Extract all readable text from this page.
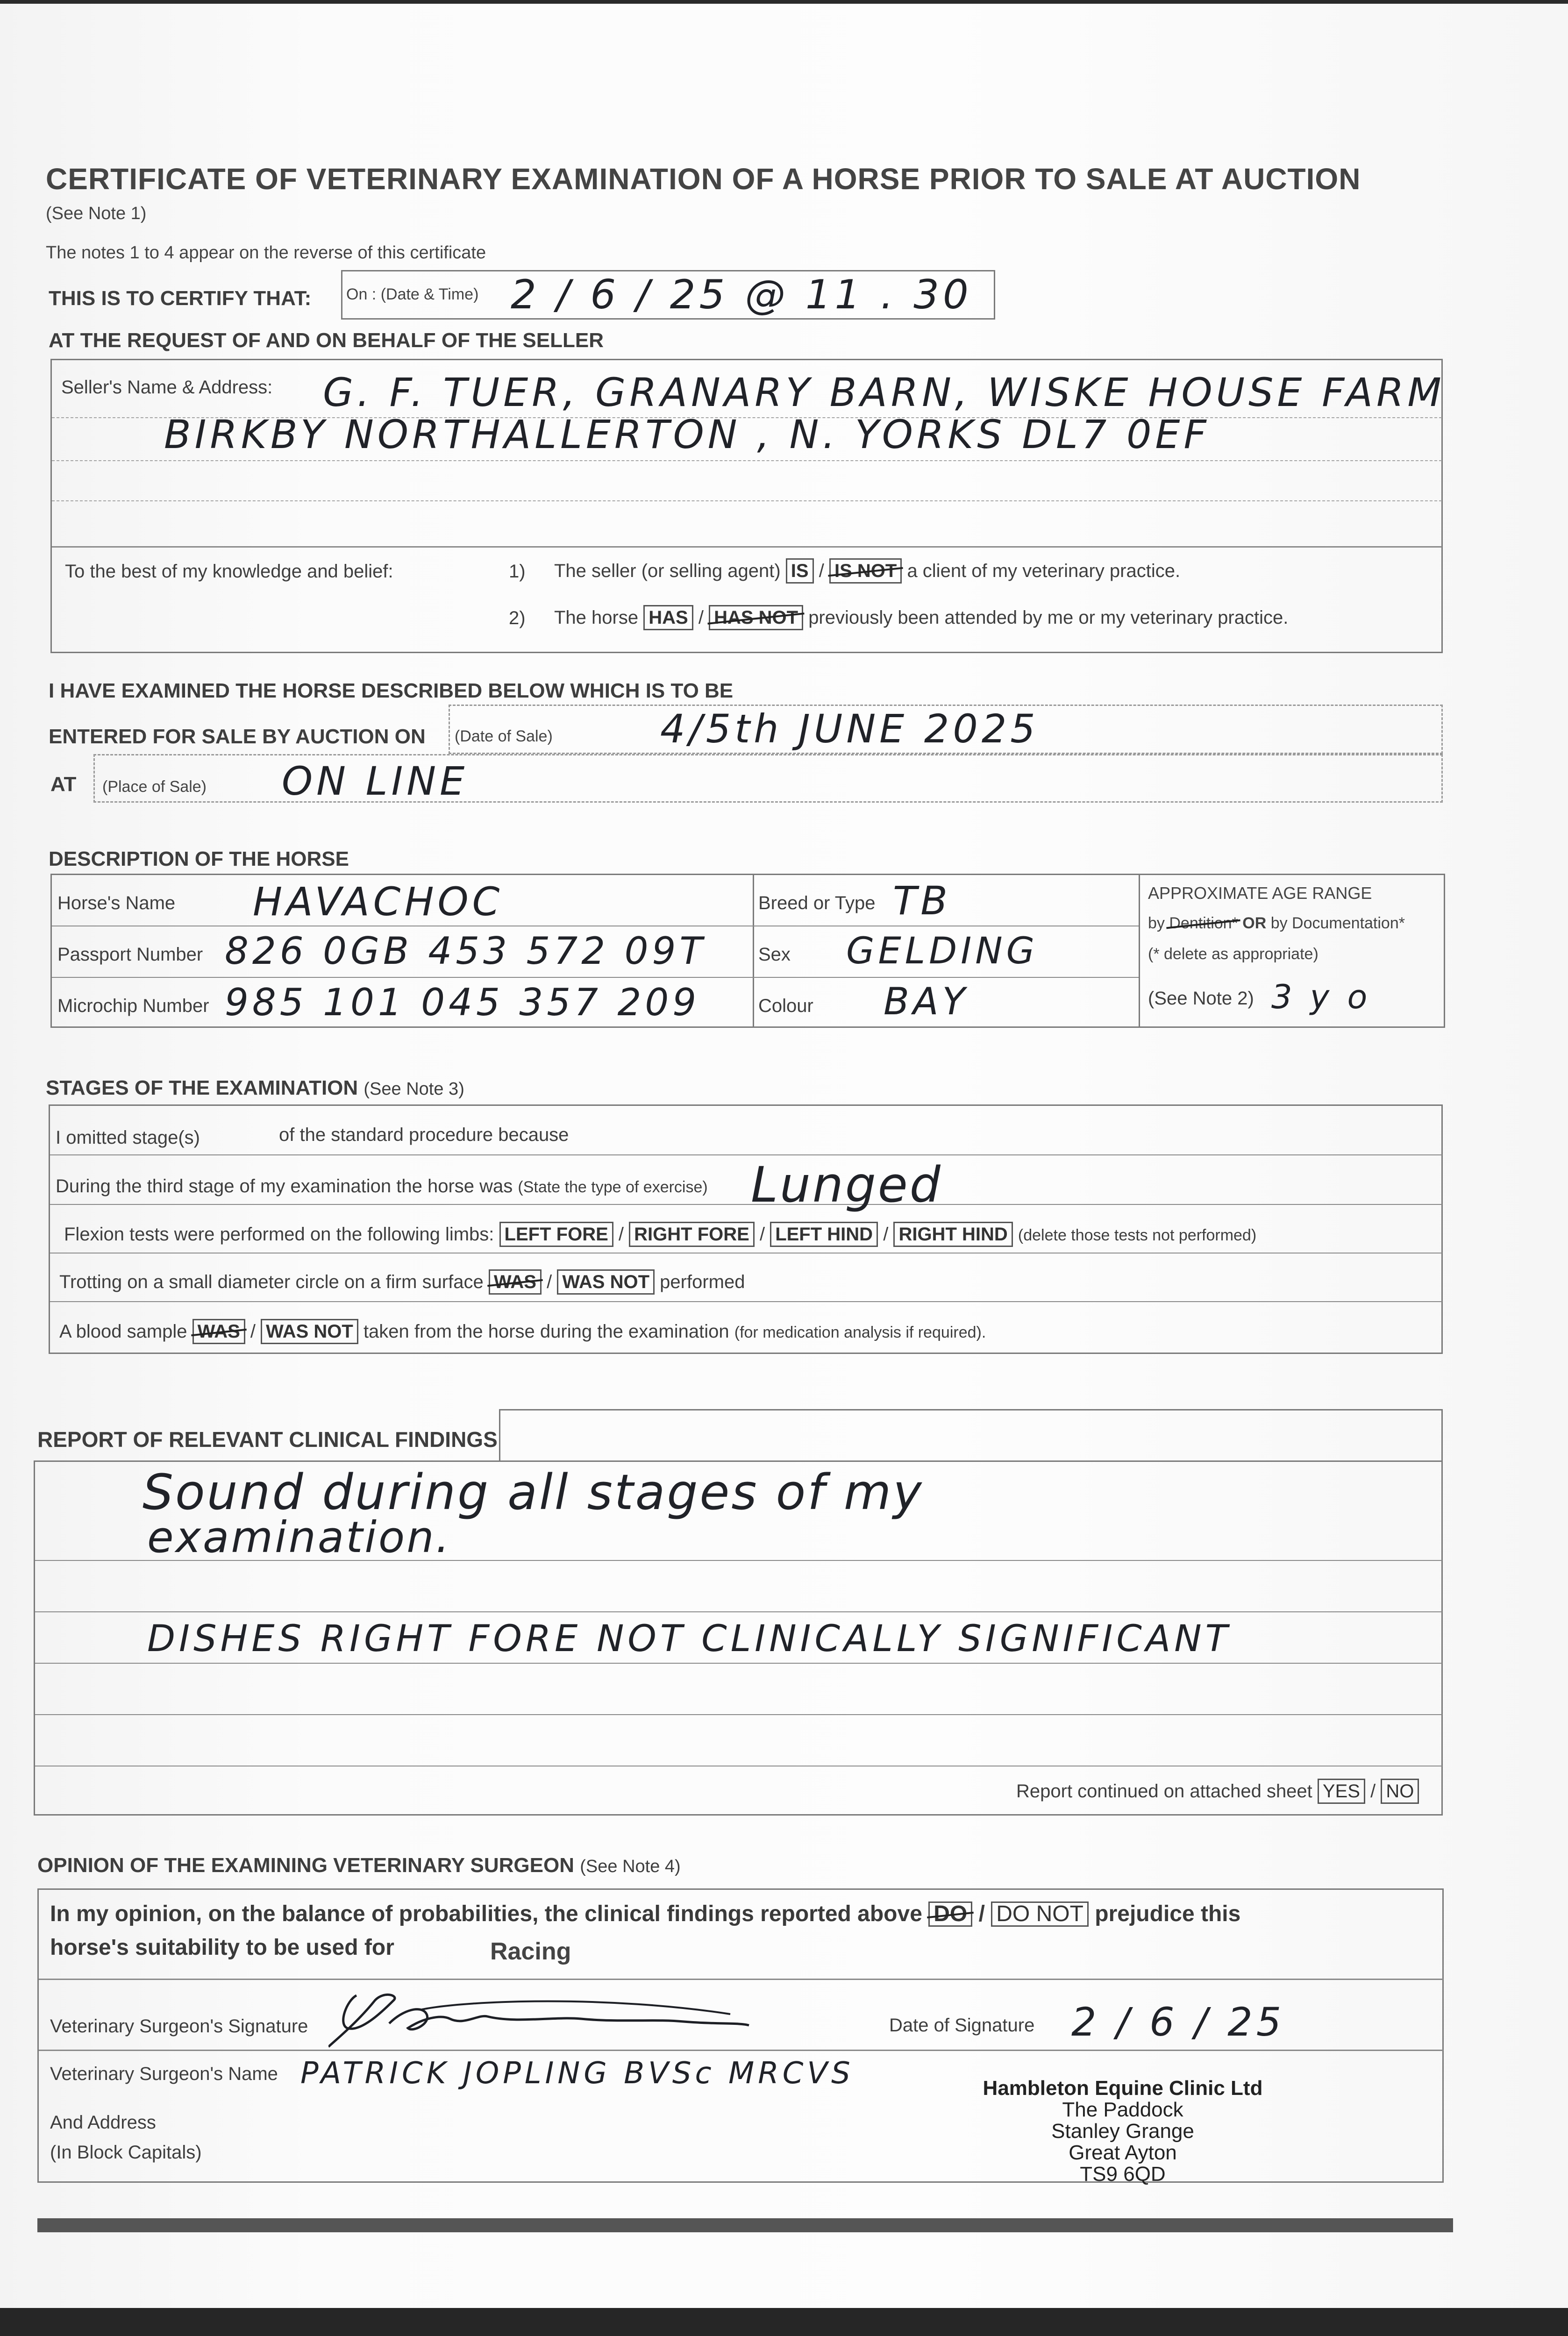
CERTIFICATE OF VETERINARY EXAMINATION OF A HORSE PRIOR TO SALE AT AUCTION
(See Note 1)
The notes 1 to 4 appear on the reverse of this certificate
THIS IS TO CERTIFY THAT: On : (Date & Time) 2 / 6 / 25 @ 11 . 30
AT THE REQUEST OF AND ON BEHALF OF THE SELLER
Seller's Name & Address: G. F. TUER, GRANARY BARN, WISKE HOUSE FARM
BIRKBY NORTHALLERTON , N. YORKS DL7 0EF
To the best of my knowledge and belief:	1) The seller (or selling agent) IS / IS NOT a client of my veterinary practice.
2) The horse HAS / HAS NOT previously been attended by me or my veterinary practice.
I HAVE EXAMINED THE HORSE DESCRIBED BELOW WHICH IS TO BE
ENTERED FOR SALE BY AUCTION ON (Date of Sale)	4/5th JUNE 2025
AT (Place of Sale) ON LINE
DESCRIPTION OF THE HORSE
Horse's Name HAVACHOC
Passport Number 826 0GB 453 572 09T
Microchip Number 985 101 045 357 209
Breed or Type TB
Sex GELDING
Colour BAY
APPROXIMATE AGE RANGE
by Dentition* OR by Documentation*
(* delete as appropriate)
(See Note 2) 3 y o
STAGES OF THE EXAMINATION (See Note 3)
I omitted stage(s)	of the standard procedure because
During the third stage of my examination the horse was (State the type of exercise) Lunged
Flexion tests were performed on the following limbs: LEFT FORE / RIGHT FORE / LEFT HIND / RIGHT HIND (delete those tests not performed)
Trotting on a small diameter circle on a firm surface WAS / WAS NOT performed
A blood sample WAS / WAS NOT taken from the horse during the examination (for medication analysis if required).
REPORT OF RELEVANT CLINICAL FINDINGS
Sound during all stages of my
examination.
DISHES RIGHT FORE NOT CLINICALLY SIGNIFICANT
Report continued on attached sheet YES / NO
OPINION OF THE EXAMINING VETERINARY SURGEON (See Note 4)
In my opinion, on the balance of probabilities, the clinical findings reported above DO / DO NOT prejudice this
horse's suitability to be used for	Racing
Veterinary Surgeon's Signature	Date of Signature 2 / 6 / 25
Veterinary Surgeon's Name PATRICK JOPLING BVSc MRCVS
And Address
(In Block Capitals)
Hambleton Equine Clinic Ltd
The Paddock
Stanley Grange
Great Ayton
TS9 6QD
